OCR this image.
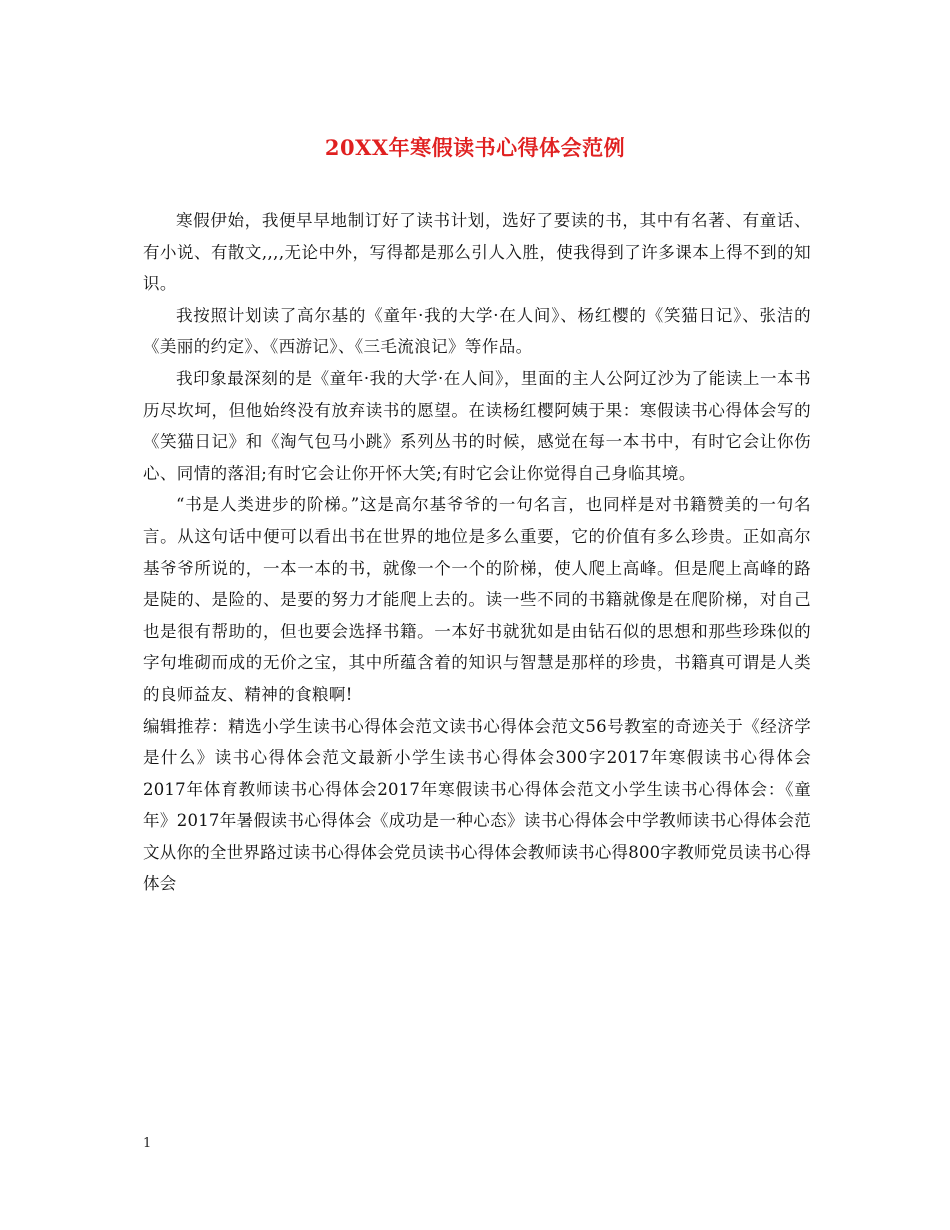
20XX年寒假读书心得体会范例

寒假伊始，我便早早地制订好了读书计划，选好了要读的书，其中有名著、有童话、有小说、有散文,,,,无论中外，写得都是那么引人入胜，使我得到了许多课本上得不到的知识。

我按照计划读了高尔基的《童年·我的大学·在人间》、杨红樱的《笑猫日记》、张洁的《美丽的约定》、《西游记》、《三毛流浪记》等作品。

我印象最深刻的是《童年·我的大学·在人间》，里面的主人公阿辽沙为了能读上一本书历尽坎坷，但他始终没有放弃读书的愿望。在读杨红樱阿姨于果：寒假读书心得体会写的《笑猫日记》和《淘气包马小跳》系列丛书的时候，感觉在每一本书中，有时它会让你伤心、同情的落泪;有时它会让你开怀大笑;有时它会让你觉得自己身临其境。

“书是人类进步的阶梯。”这是高尔基爷爷的一句名言，也同样是对书籍赞美的一句名言。从这句话中便可以看出书在世界的地位是多么重要，它的价值有多么珍贵。正如高尔基爷爷所说的，一本一本的书，就像一个一个的阶梯，使人爬上高峰。但是爬上高峰的路是陡的、是险的、是要的努力才能爬上去的。读一些不同的书籍就像是在爬阶梯，对自己也是很有帮助的，但也要会选择书籍。一本好书就犹如是由钻石似的思想和那些珍珠似的字句堆砌而成的无价之宝，其中所蕴含着的知识与智慧是那样的珍贵，书籍真可谓是人类的良师益友、精神的食粮啊!

编辑推荐：精选小学生读书心得体会范文读书心得体会范文56号教室的奇迹关于《经济学是什么》读书心得体会范文最新小学生读书心得体会300字2017年寒假读书心得体会2017年体育教师读书心得体会2017年寒假读书心得体会范文小学生读书心得体会：《童年》2017年暑假读书心得体会《成功是一种心态》读书心得体会中学教师读书心得体会范文从你的全世界路过读书心得体会党员读书心得体会教师读书心得800字教师党员读书心得体会

1
